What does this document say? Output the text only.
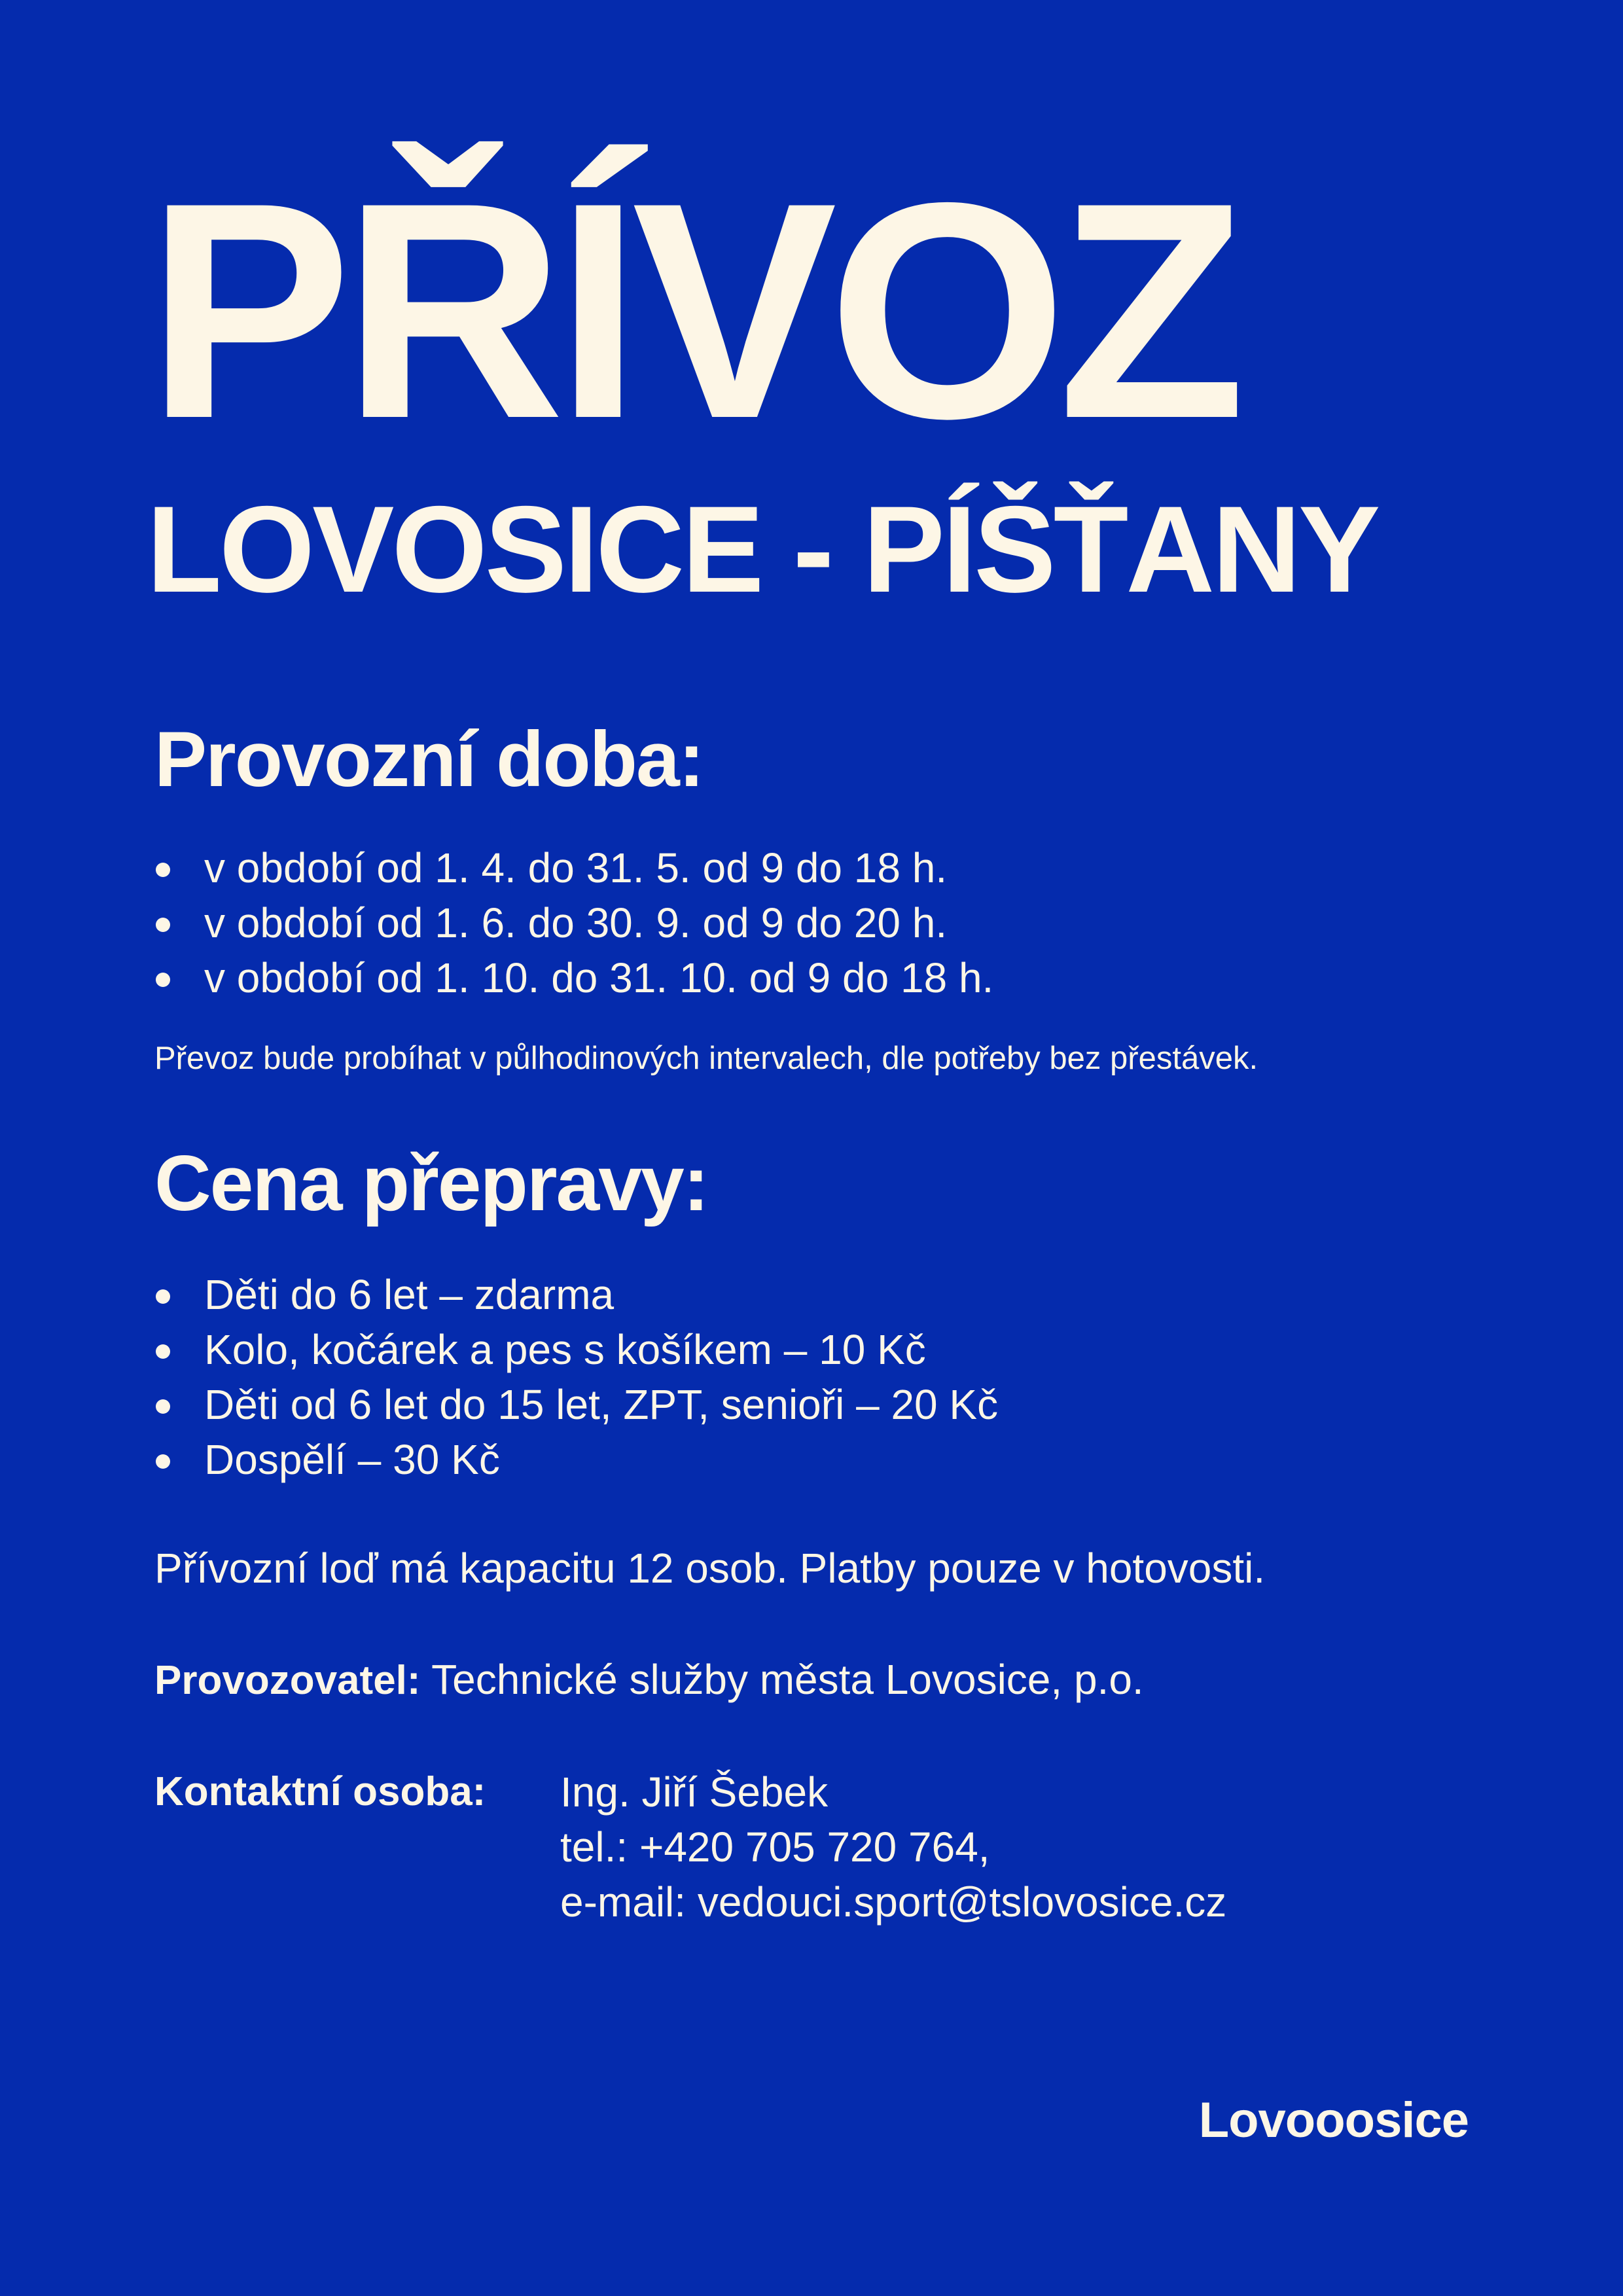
PŘÍVOZ
LOVOSICE - PÍŠŤANY
Provozní doba:
v období od 1. 4. do 31. 5. od 9 do 18 h.
v období od 1. 6. do 30. 9. od 9 do 20 h.
v období od 1. 10. do 31. 10. od 9 do 18 h.

Převoz bude probíhat v půlhodinových intervalech, dle potřeby bez přestávek.

Cena přepravy:
Děti do 6 let – zdarma
Kolo, kočárek a pes s košíkem – 10 Kč
Děti od 6 let do 15 let, ZPT, senioři – 20 Kč
Dospělí – 30 Kč

Přívozní loď má kapacitu 12 osob. Platby pouze v hotovosti.

Provozovatel: Technické služby města Lovosice, p.o.

Kontaktní osoba: Ing. Jiří Šebek
tel.: +420 705 720 764,
e-mail: vedouci.sport@tslovosice.cz
Lovooosice
